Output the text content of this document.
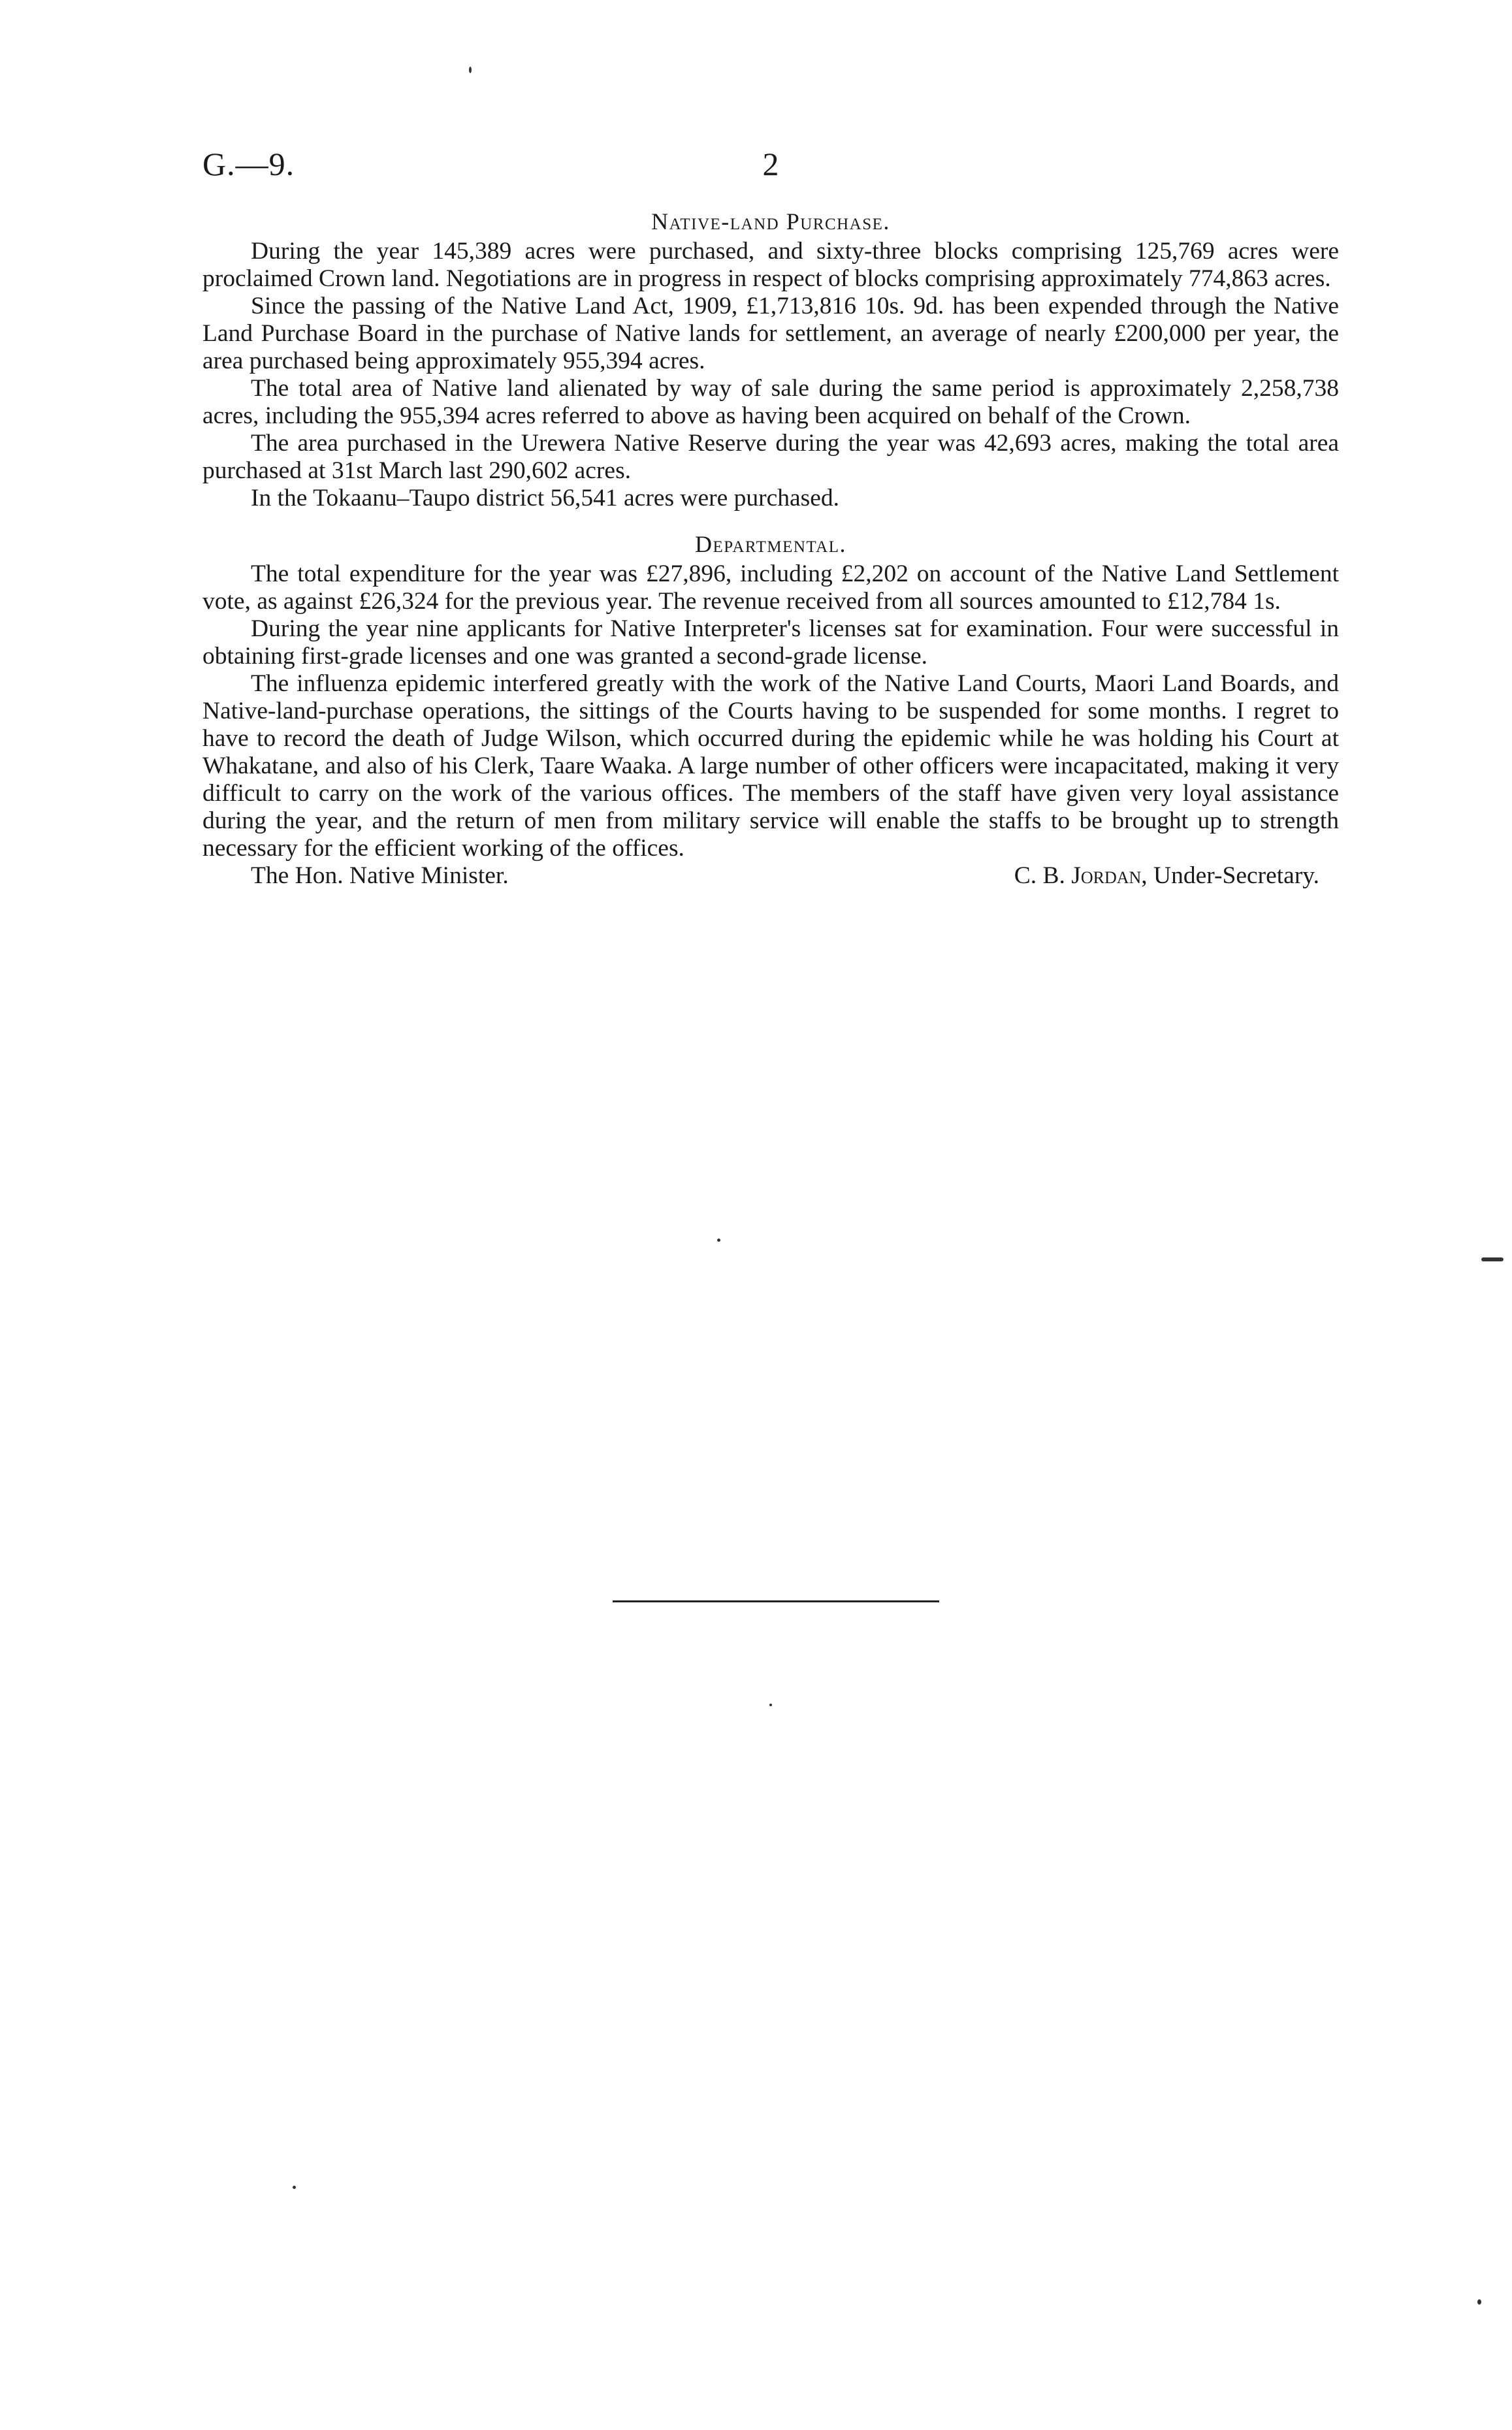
G.—9.	2
Native-land Purchase.

During the year 145,389 acres were purchased, and sixty-three blocks comprising 125,769 acres were proclaimed Crown land. Negotiations are in progress in respect of blocks comprising approximately 774,863 acres.

Since the passing of the Native Land Act, 1909, £1,713,816 10s. 9d. has been expended through the Native Land Purchase Board in the purchase of Native lands for settlement, an average of nearly £200,000 per year, the area purchased being approximately 955,394 acres.

The total area of Native land alienated by way of sale during the same period is approximately 2,258,738 acres, including the 955,394 acres referred to above as having been acquired on behalf of the Crown.

The area purchased in the Urewera Native Reserve during the year was 42,693 acres, making the total area purchased at 31st March last 290,602 acres.

In the Tokaanu–Taupo district 56,541 acres were purchased.

Departmental.

The total expenditure for the year was £27,896, including £2,202 on account of the Native Land Settlement vote, as against £26,324 for the previous year. The revenue received from all sources amounted to £12,784 1s.

During the year nine applicants for Native Interpreter's licenses sat for examination. Four were successful in obtaining first-grade licenses and one was granted a second-grade license.

The influenza epidemic interfered greatly with the work of the Native Land Courts, Maori Land Boards, and Native-land-purchase operations, the sittings of the Courts having to be suspended for some months. I regret to have to record the death of Judge Wilson, which occurred during the epidemic while he was holding his Court at Whakatane, and also of his Clerk, Taare Waaka. A large number of other officers were incapacitated, making it very difficult to carry on the work of the various offices. The members of the staff have given very loyal assistance during the year, and the return of men from military service will enable the staffs to be brought up to strength necessary for the efficient working of the offices.

The Hon. Native Minister.	C. B. Jordan, Under-Secretary.
